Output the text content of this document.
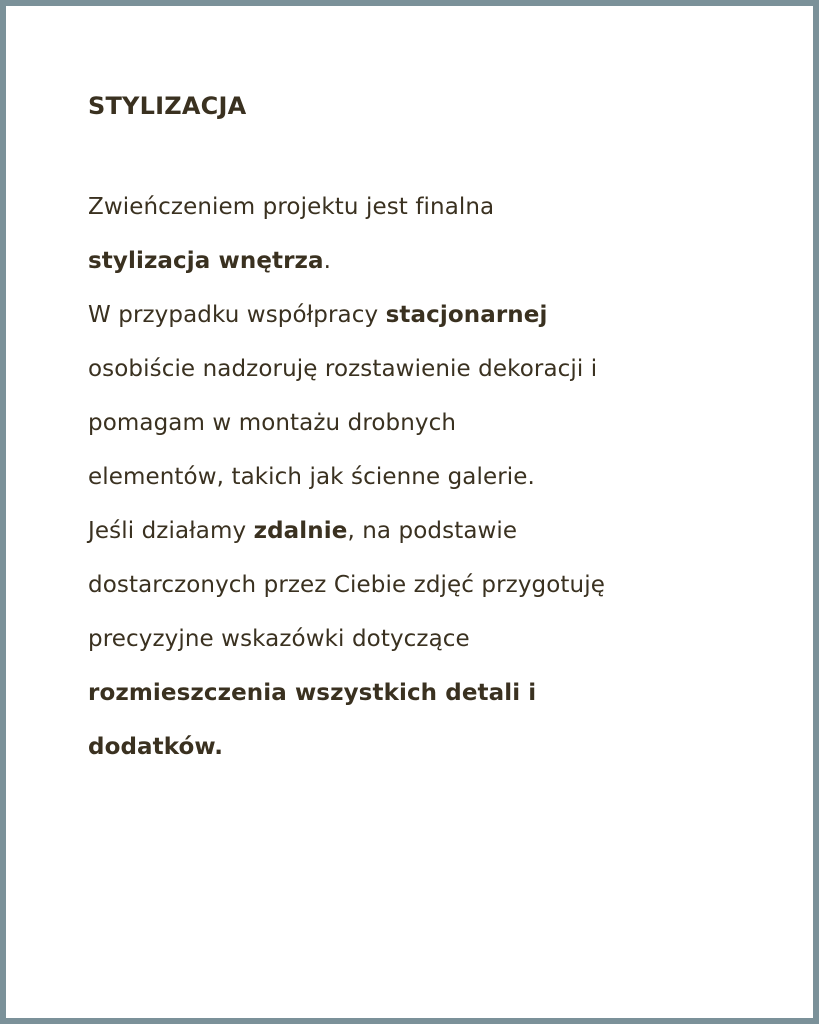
STYLIZACJA
Zwieńczeniem projektu jest finalna
stylizacja wnętrza.
W przypadku współpracy stacjonarnej
osobiście nadzoruję rozstawienie dekoracji i
pomagam w montażu drobnych
elementów, takich jak ścienne galerie.
Jeśli działamy zdalnie, na podstawie
dostarczonych przez Ciebie zdjęć przygotuję
precyzyjne wskazówki dotyczące
rozmieszczenia wszystkich detali i
dodatków.
